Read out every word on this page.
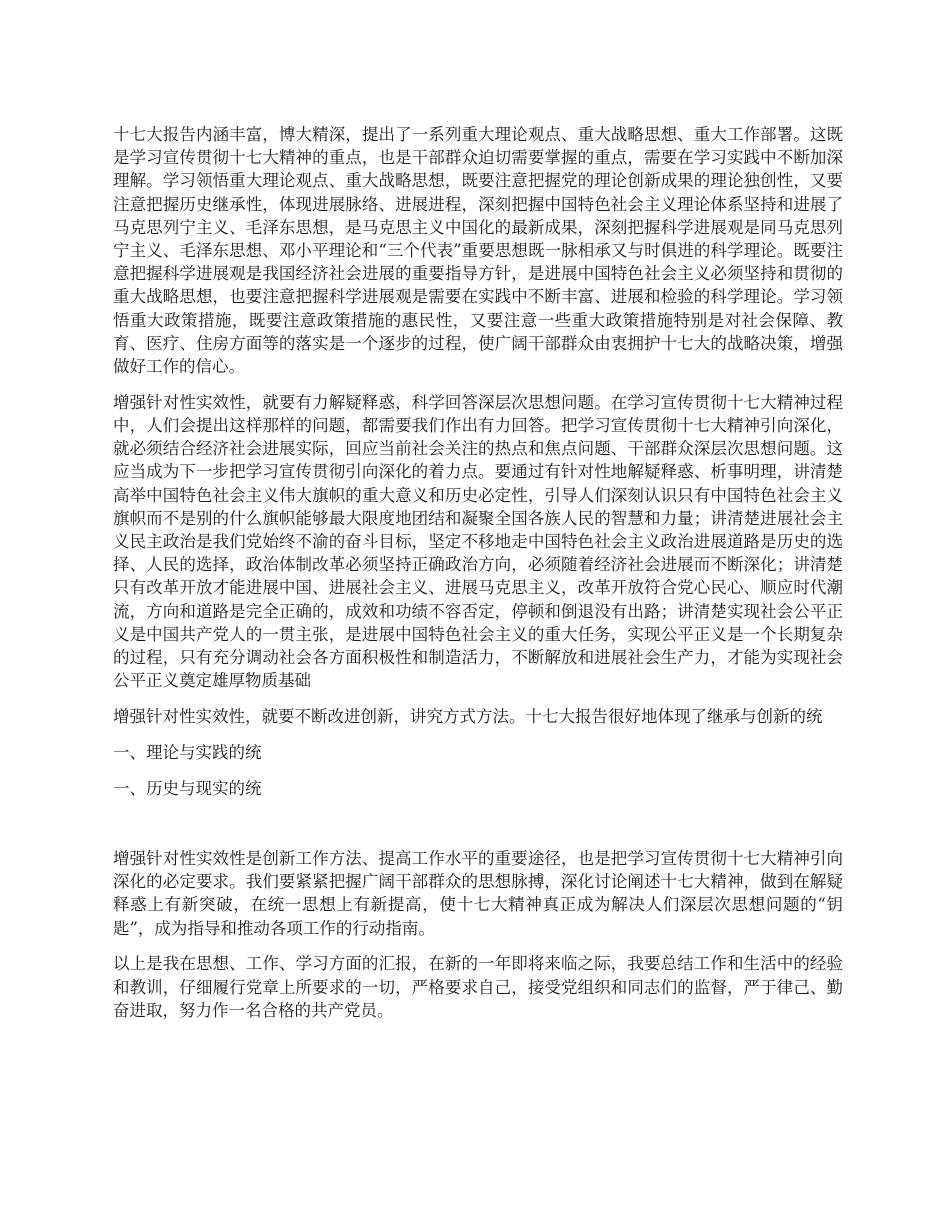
十七大报告内涵丰富，博大精深，提出了一系列重大理论观点、重大战略思想、重大工作部署。这既是学习宣传贯彻十七大精神的重点，也是干部群众迫切需要掌握的重点，需要在学习实践中不断加深理解。学习领悟重大理论观点、重大战略思想，既要注意把握党的理论创新成果的理论独创性，又要注意把握历史继承性，体现进展脉络、进展进程，深刻把握中国特色社会主义理论体系坚持和进展了马克思列宁主义、毛泽东思想，是马克思主义中国化的最新成果，深刻把握科学进展观是同马克思列宁主义、毛泽东思想、邓小平理论和“三个代表”重要思想既一脉相承又与时俱进的科学理论。既要注意把握科学进展观是我国经济社会进展的重要指导方针，是进展中国特色社会主义必须坚持和贯彻的重大战略思想，也要注意把握科学进展观是需要在实践中不断丰富、进展和检验的科学理论。学习领悟重大政策措施，既要注意政策措施的惠民性，又要注意一些重大政策措施特别是对社会保障、教育、医疗、住房方面等的落实是一个逐步的过程，使广阔干部群众由衷拥护十七大的战略决策，增强做好工作的信心。

增强针对性实效性，就要有力解疑释惑，科学回答深层次思想问题。在学习宣传贯彻十七大精神过程中，人们会提出这样那样的问题，都需要我们作出有力回答。把学习宣传贯彻十七大精神引向深化，就必须结合经济社会进展实际，回应当前社会关注的热点和焦点问题、干部群众深层次思想问题。这应当成为下一步把学习宣传贯彻引向深化的着力点。要通过有针对性地解疑释惑、析事明理，讲清楚高举中国特色社会主义伟大旗帜的重大意义和历史必定性，引导人们深刻认识只有中国特色社会主义旗帜而不是别的什么旗帜能够最大限度地团结和凝聚全国各族人民的智慧和力量；讲清楚进展社会主义民主政治是我们党始终不渝的奋斗目标，坚定不移地走中国特色社会主义政治进展道路是历史的选择、人民的选择，政治体制改革必须坚持正确政治方向，必须随着经济社会进展而不断深化；讲清楚只有改革开放才能进展中国、进展社会主义、进展马克思主义，改革开放符合党心民心、顺应时代潮流，方向和道路是完全正确的，成效和功绩不容否定，停顿和倒退没有出路；讲清楚实现社会公平正义是中国共产党人的一贯主张，是进展中国特色社会主义的重大任务，实现公平正义是一个长期复杂的过程，只有充分调动社会各方面积极性和制造活力，不断解放和进展社会生产力，才能为实现社会公平正义奠定雄厚物质基础

增强针对性实效性，就要不断改进创新，讲究方式方法。十七大报告很好地体现了继承与创新的统

一、理论与实践的统

一、历史与现实的统

增强针对性实效性是创新工作方法、提高工作水平的重要途径，也是把学习宣传贯彻十七大精神引向深化的必定要求。我们要紧紧把握广阔干部群众的思想脉搏，深化讨论阐述十七大精神，做到在解疑释惑上有新突破，在统一思想上有新提高，使十七大精神真正成为解决人们深层次思想问题的“钥匙”，成为指导和推动各项工作的行动指南。

以上是我在思想、工作、学习方面的汇报，在新的一年即将来临之际，我要总结工作和生活中的经验和教训，仔细履行党章上所要求的一切，严格要求自己，接受党组织和同志们的监督，严于律己、勤奋进取，努力作一名合格的共产党员。
